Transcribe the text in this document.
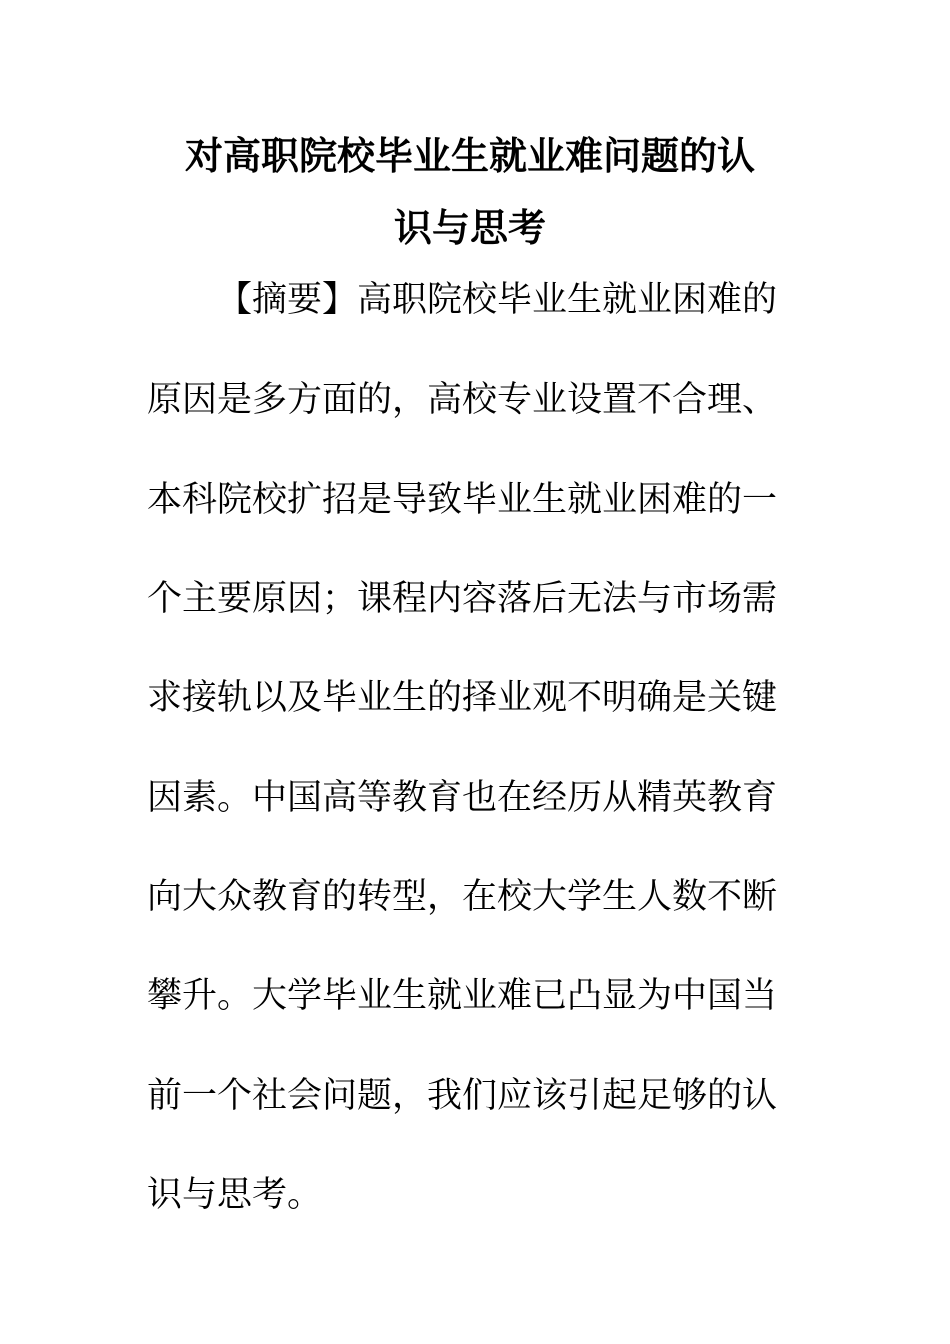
对高职院校毕业生就业难问题的认
识与思考
【摘要】高职院校毕业生就业困难的
原因是多方面的，高校专业设置不合理、
本科院校扩招是导致毕业生就业困难的一
个主要原因；课程内容落后无法与市场需
求接轨以及毕业生的择业观不明确是关键
因素。中国高等教育也在经历从精英教育
向大众教育的转型，在校大学生人数不断
攀升。大学毕业生就业难已凸显为中国当
前一个社会问题，我们应该引起足够的认
识与思考。
